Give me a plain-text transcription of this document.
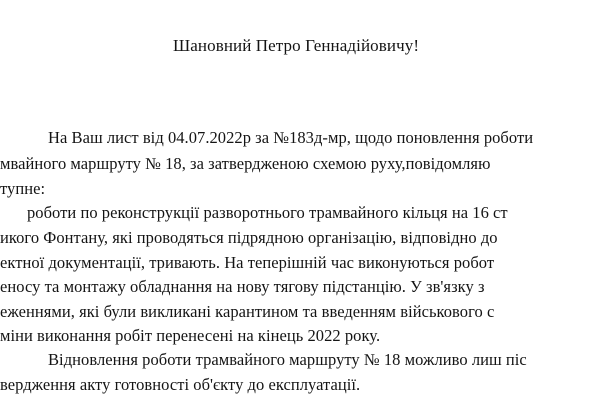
Шановний Петро Геннадійовичу!
На Ваш лист від 04.07.2022р за №183д-мр, щодо поновлення роботи
мвайного маршруту № 18, за затвердженою схемою руху,повідомляю
тупне:
роботи по реконструкції разворотнього трамвайного кільця на 16 ст
икого Фонтану, які проводяться підрядною організацію, відповідно до
ектної документації, тривають. На теперішній час виконуються робот
еносу та монтажу обладнання на нову тягову підстанцію. У зв'язку з
еженнями, які були викликані карантином та введенням військового с
міни виконання робіт перенесені на кінець 2022 року.
Відновлення роботи трамвайного маршруту № 18 можливо лиш піс
вердження акту готовності об'єкту до експлуатації.
